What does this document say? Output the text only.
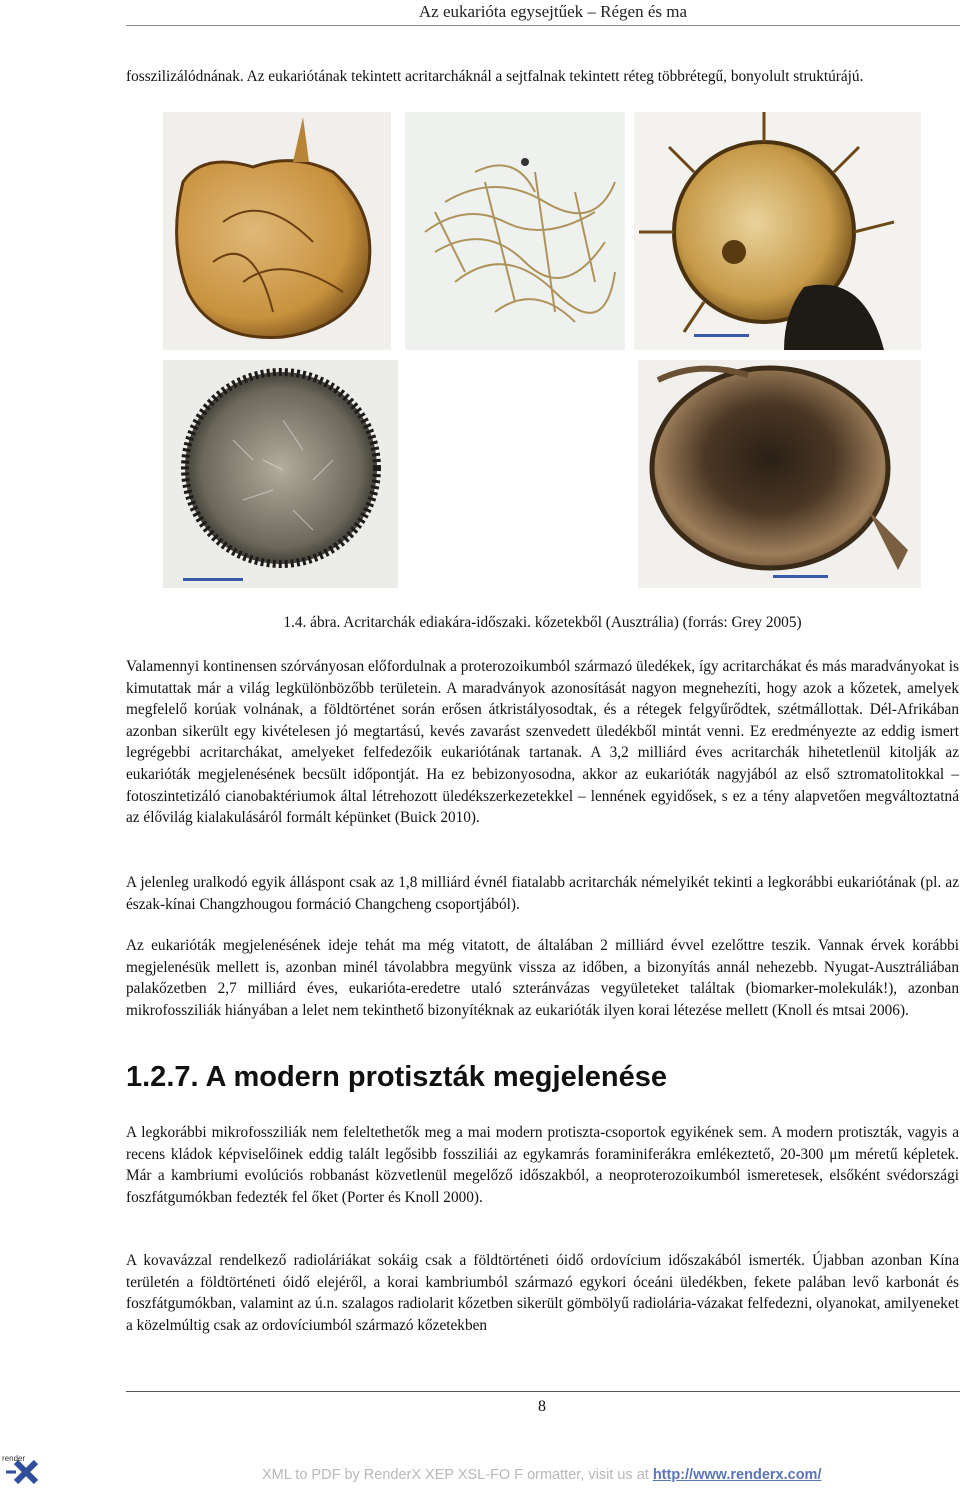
Az eukarióta egysejtűek – Régen és ma

fosszilizálódnának. Az eukariótának tekintett acritarcháknál a sejtfalnak tekintett réteg többrétegű, bonyolult struktúrájú.

1.4. ábra. Acritarchák ediakára-időszaki. kőzetekből (Ausztrália) (forrás: Grey 2005)

Valamennyi kontinensen szórványosan előfordulnak a proterozoikumból származó üledékek, így acritarchákat és más maradványokat is kimutattak már a világ legkülönbözőbb területein. A maradványok azonosítását nagyon megnehezíti, hogy azok a kőzetek, amelyek megfelelő korúak volnának, a földtörténet során erősen átkristályosodtak, és a rétegek felgyűrődtek, szétmállottak. Dél-Afrikában azonban sikerült egy kivételesen jó megtartású, kevés zavarást szenvedett üledékből mintát venni. Ez eredményezte az eddig ismert legrégebbi acritarchákat, amelyeket felfedezőik eukariótának tartanak. A 3,2 milliárd éves acritarchák hihetetlenül kitolják az eukarióták megjelenésének becsült időpontját. Ha ez bebizonyosodna, akkor az eukarióták nagyjából az első sztromatolitokkal – fotoszintetizáló cianobaktériumok által létrehozott üledékszerkezetekkel – lennének egyidősek, s ez a tény alapvetően megváltoztatná az élővilág kialakulásáról formált képünket (Buick 2010).

A jelenleg uralkodó egyik álláspont csak az 1,8 milliárd évnél fiatalabb acritarchák némelyikét tekinti a legkorábbi eukariótának (pl. az észak-kínai Changzhougou formáció Changcheng csoportjából).

Az eukarióták megjelenésének ideje tehát ma még vitatott, de általában 2 milliárd évvel ezelőttre teszik. Vannak érvek korábbi megjelenésük mellett is, azonban minél távolabbra megyünk vissza az időben, a bizonyítás annál nehezebb. Nyugat-Ausztráliában palakőzetben 2,7 milliárd éves, eukarióta-eredetre utaló szteránvázas vegyületeket találtak (biomarker-molekulák!), azonban mikrofossziliák hiányában a lelet nem tekinthető bizonyítéknak az eukarióták ilyen korai létezése mellett (Knoll és mtsai 2006).

1.2.7. A modern protiszták megjelenése

A legkorábbi mikrofossziliák nem feleltethetők meg a mai modern protiszta-csoportok egyikének sem. A modern protiszták, vagyis a recens kládok képviselőinek eddig talált legősibb fossziliái az egykamrás foraminiferákra emlékeztető, 20-300 μm méretű képletek. Már a kambriumi evolúciós robbanást közvetlenül megelőző időszakból, a neoproterozoikumból ismeretesek, elsőként svédországi foszfátgumókban fedezték fel őket (Porter és Knoll 2000).

A kovavázzal rendelkező radioláriákat sokáig csak a földtörténeti óidő ordovícium időszakából ismerték. Újabban azonban Kína területén a földtörténeti óidő elejéről, a korai kambriumból származó egykori óceáni üledékben, fekete palában levő karbonát és foszfátgumókban, valamint az ú.n. szalagos radiolarit kőzetben sikerült gömbölyű radiolária-vázakat felfedezni, olyanokat, amilyeneket a közelmúltig csak az ordovíciumból származó kőzetekben

8
render
XML to PDF by RenderX XEP XSL-FO F ormatter, visit us at http://www.renderx.com/
